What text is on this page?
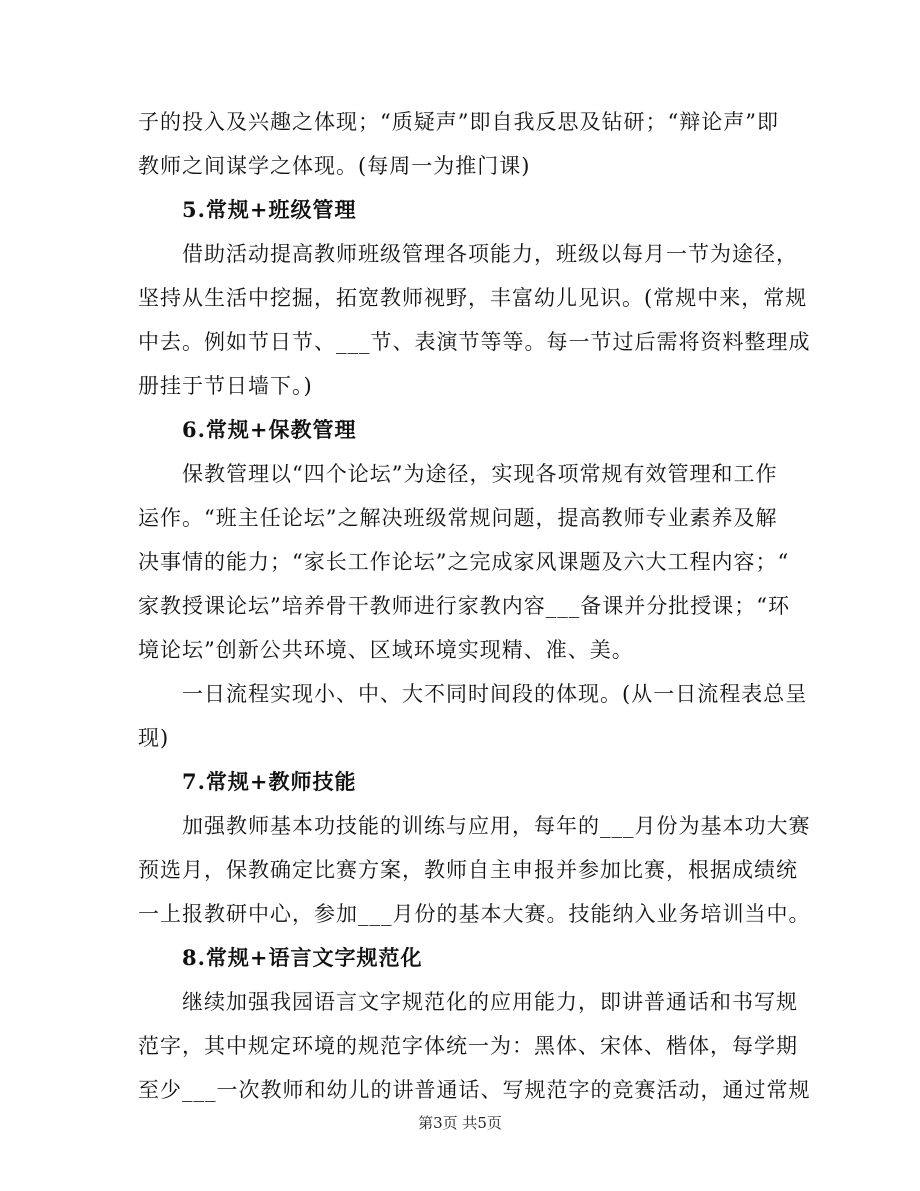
子的投入及兴趣之体现；“质疑声”即自我反思及钻研；“辩论声”即
教师之间谋学之体现。(每周一为推门课)
5.常规+班级管理
借助活动提高教师班级管理各项能力，班级以每月一节为途径，
坚持从生活中挖掘，拓宽教师视野，丰富幼儿见识。(常规中来，常规
中去。例如节日节、___节、表演节等等。每一节过后需将资料整理成
册挂于节日墙下。)
6.常规+保教管理
保教管理以“四个论坛”为途径，实现各项常规有效管理和工作
运作。“班主任论坛”之解决班级常规问题，提高教师专业素养及解
决事情的能力；“家长工作论坛”之完成家风课题及六大工程内容；“
家教授课论坛”培养骨干教师进行家教内容___备课并分批授课；“环
境论坛”创新公共环境、区域环境实现精、准、美。
一日流程实现小、中、大不同时间段的体现。(从一日流程表总呈
现)
7.常规+教师技能
加强教师基本功技能的训练与应用，每年的___月份为基本功大赛
预选月，保教确定比赛方案，教师自主申报并参加比赛，根据成绩统
一上报教研中心，参加___月份的基本大赛。技能纳入业务培训当中。
8.常规+语言文字规范化
继续加强我园语言文字规范化的应用能力，即讲普通话和书写规
范字，其中规定环境的规范字体统一为：黑体、宋体、楷体，每学期
至少___一次教师和幼儿的讲普通话、写规范字的竞赛活动，通过常规
第3页 共5页
